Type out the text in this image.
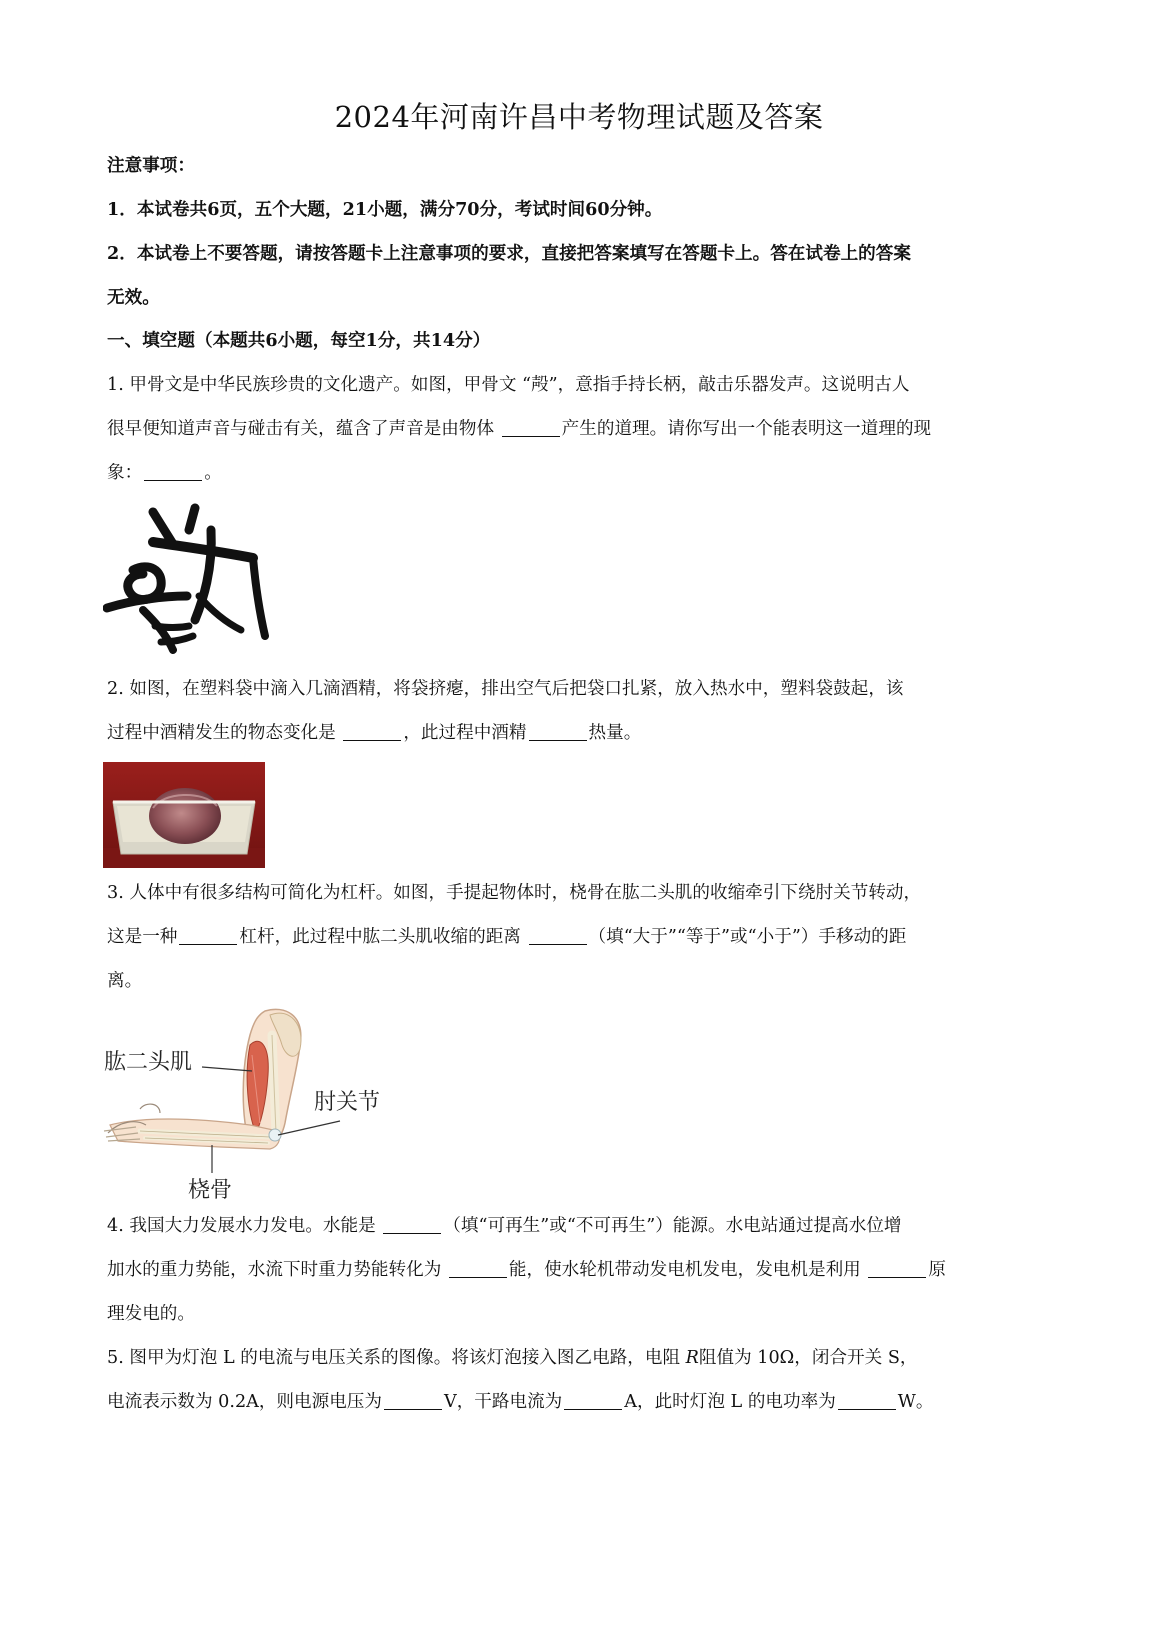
2024年河南许昌中考物理试题及答案
注意事项：
1．本试卷共6页，五个大题，21小题，满分70分，考试时间60分钟。
2．本试卷上不要答题，请按答题卡上注意事项的要求，直接把答案填写在答题卡上。答在试卷上的答案
无效。
一、填空题（本题共6小题，每空1分，共14分）
1. 甲骨文是中华民族珍贵的文化遗产。如图，甲骨文 “殸”，意指手持长柄，敲击乐器发声。这说明古人
很早便知道声音与碰击有关，蕴含了声音是由物体	产生的道理。请你写出一个能表明这一道理的现
象：	。
2. 如图，在塑料袋中滴入几滴酒精，将袋挤瘪，排出空气后把袋口扎紧，放入热水中，塑料袋鼓起，该
过程中酒精发生的物态变化是	，此过程中酒精	热量。
3. 人体中有很多结构可简化为杠杆。如图，手提起物体时，桡骨在肱二头肌的收缩牵引下绕肘关节转动，
这是一种	杠杆，此过程中肱二头肌收缩的距离	（填“大于”“等于”或“小于”）手移动的距
离。
肱二头肌
肘关节
桡骨
4. 我国大力发展水力发电。水能是	（填“可再生”或“不可再生”）能源。水电站通过提高水位增
加水的重力势能，水流下时重力势能转化为	能，使水轮机带动发电机发电，发电机是利用	原
理发电的。
5. 图甲为灯泡 L 的电流与电压关系的图像。将该灯泡接入图乙电路，电阻 R阻值为 10Ω，闭合开关 S，
电流表示数为 0.2A，则电源电压为	V，干路电流为	A，此时灯泡 L 的电功率为	W。
